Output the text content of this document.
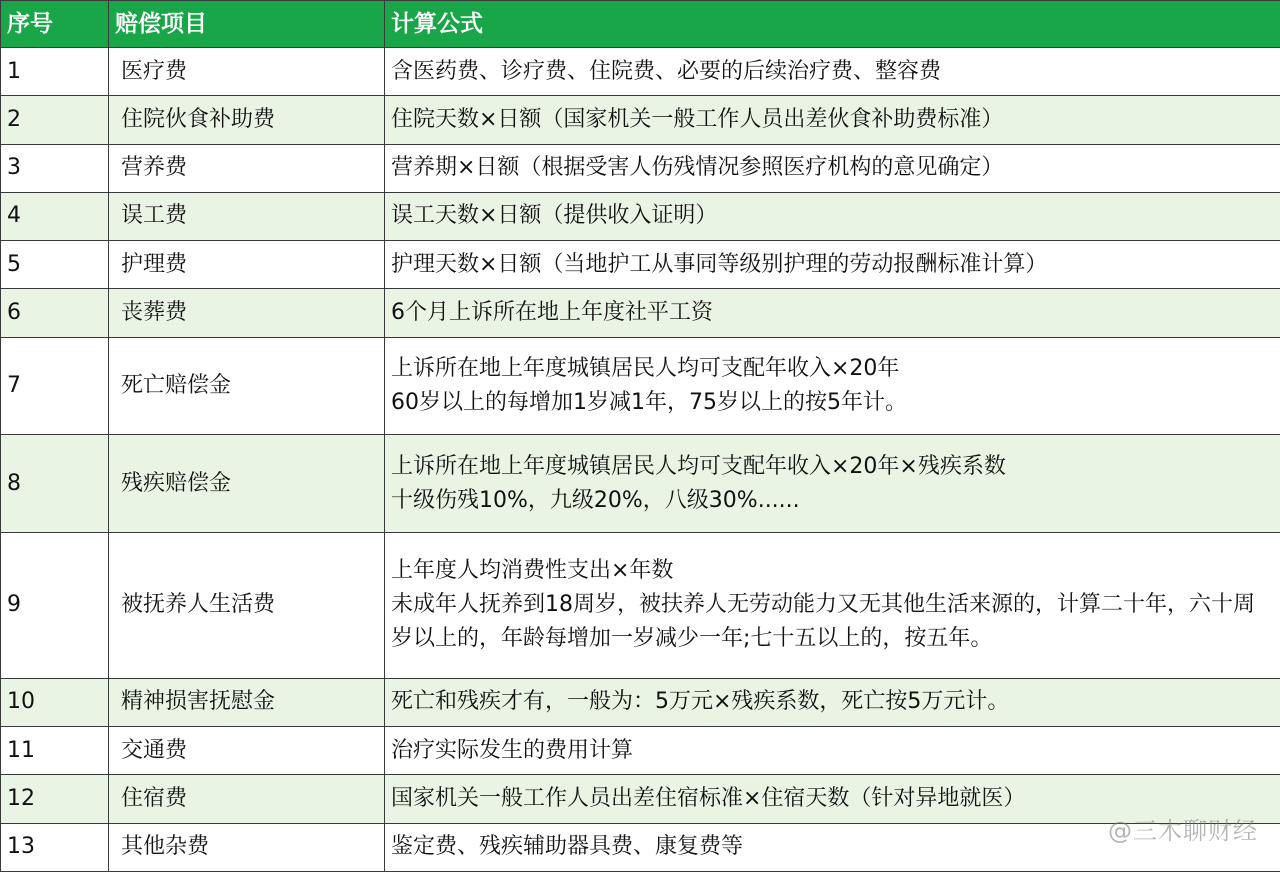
序号	赔偿项目	计算公式
1	医疗费	含医药费、诊疗费、住院费、必要的后续治疗费、整容费

2	住院伙食补助费	住院天数×日额（国家机关一般工作人员出差伙食补助费标准）

3	营养费	营养期×日额（根据受害人伤残情况参照医疗机构的意见确定）

4	误工费	误工天数×日额（提供收入证明）

5	护理费	护理天数×日额（当地护工从事同等级别护理的劳动报酬标准计算）

6	丧葬费	6个月上诉所在地上年度社平工资

7	死亡赔偿金	上诉所在地上年度城镇居民人均可支配年收入×20年
60岁以上的每增加1岁减1年，75岁以上的按5年计。

8	残疾赔偿金	上诉所在地上年度城镇居民人均可支配年收入×20年×残疾系数
十级伤残10%，九级20%，八级30%......

9	被抚养人生活费	上年度人均消费性支出×年数
未成年人抚养到18周岁，被扶养人无劳动能力又无其他生活来源的，计算二十年，六十周岁以上的，年龄每增加一岁减少一年;七十五以上的，按五年。

10	精神损害抚慰金	死亡和残疾才有，一般为：5万元×残疾系数，死亡按5万元计。

11	交通费	治疗实际发生的费用计算

12	住宿费	国家机关一般工作人员出差住宿标准×住宿天数（针对异地就医）

13	其他杂费	鉴定费、残疾辅助器具费、康复费等
@三木聊财经
